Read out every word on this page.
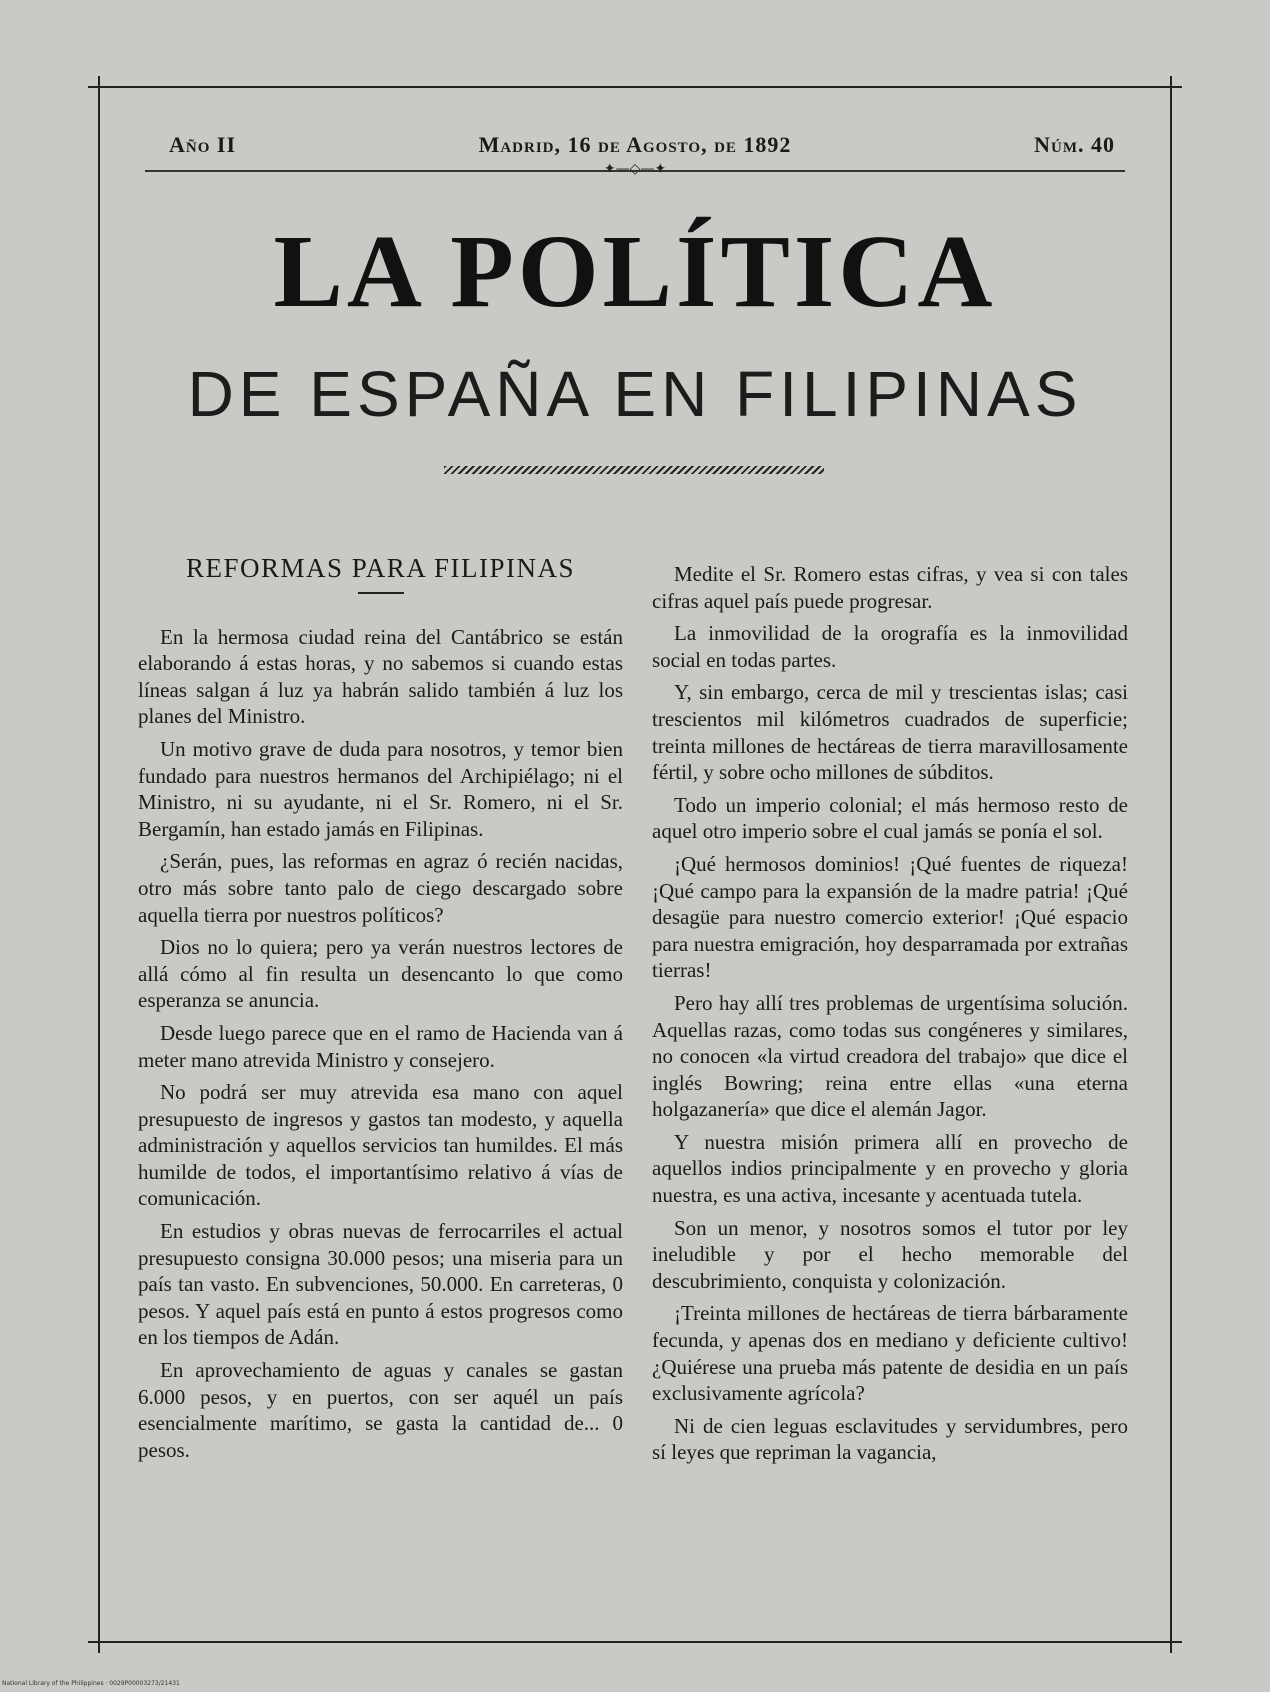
Año II	Madrid, 16 de Agosto, de 1892	Núm. 40
✦—◇—✦
LA POLÍTICA
DE ESPAÑA EN FILIPINAS
REFORMAS PARA FILIPINAS

En la hermosa ciudad reina del Cantábrico se están elaborando á estas horas, y no sabemos si cuando estas líneas salgan á luz ya habrán salido también á luz los planes del Ministro.

Un motivo grave de duda para nosotros, y temor bien fundado para nuestros hermanos del Archipiélago; ni el Ministro, ni su ayudante, ni el Sr. Romero, ni el Sr. Bergamín, han estado jamás en Filipinas.

¿Serán, pues, las reformas en agraz ó recién nacidas, otro más sobre tanto palo de ciego descargado sobre aquella tierra por nuestros políticos?

Dios no lo quiera; pero ya verán nuestros lectores de allá cómo al fin resulta un desencanto lo que como esperanza se anuncia.

Desde luego parece que en el ramo de Hacienda van á meter mano atrevida Ministro y consejero.

No podrá ser muy atrevida esa mano con aquel presupuesto de ingresos y gastos tan modesto, y aquella administración y aquellos servicios tan humildes. El más humilde de todos, el importantísimo relativo á vías de comunicación.

En estudios y obras nuevas de ferrocarriles el actual presupuesto consigna 30.000 pesos; una miseria para un país tan vasto. En subvenciones, 50.000. En carreteras, 0 pesos. Y aquel país está en punto á estos progresos como en los tiempos de Adán.

En aprovechamiento de aguas y canales se gastan 6.000 pesos, y en puertos, con ser aquél un país esencialmente marítimo, se gasta la cantidad de... 0 pesos.

Medite el Sr. Romero estas cifras, y vea si con tales cifras aquel país puede progresar.

La inmovilidad de la orografía es la inmovilidad social en todas partes.

Y, sin embargo, cerca de mil y trescientas islas; casi trescientos mil kilómetros cuadrados de superficie; treinta millones de hectáreas de tierra maravillosamente fértil, y sobre ocho millones de súbditos.

Todo un imperio colonial; el más hermoso resto de aquel otro imperio sobre el cual jamás se ponía el sol.

¡Qué hermosos dominios! ¡Qué fuentes de riqueza! ¡Qué campo para la expansión de la madre patria! ¡Qué desagüe para nuestro comercio exterior! ¡Qué espacio para nuestra emigración, hoy desparramada por extrañas tierras!

Pero hay allí tres problemas de urgentísima solución. Aquellas razas, como todas sus congéneres y similares, no conocen «la virtud creadora del trabajo» que dice el inglés Bowring; reina entre ellas «una eterna holgazanería» que dice el alemán Jagor.

Y nuestra misión primera allí en provecho de aquellos indios principalmente y en provecho y gloria nuestra, es una activa, incesante y acentuada tutela.

Son un menor, y nosotros somos el tutor por ley ineludible y por el hecho memorable del descubrimiento, conquista y colonización.

¡Treinta millones de hectáreas de tierra bárbaramente fecunda, y apenas dos en mediano y deficiente cultivo! ¿Quiérese una prueba más patente de desidia en un país exclusivamente agrícola?

Ni de cien leguas esclavitudes y servidumbres, pero sí leyes que repriman la vagancia,

National Library of the Philippines · 0029P00003273/21431
